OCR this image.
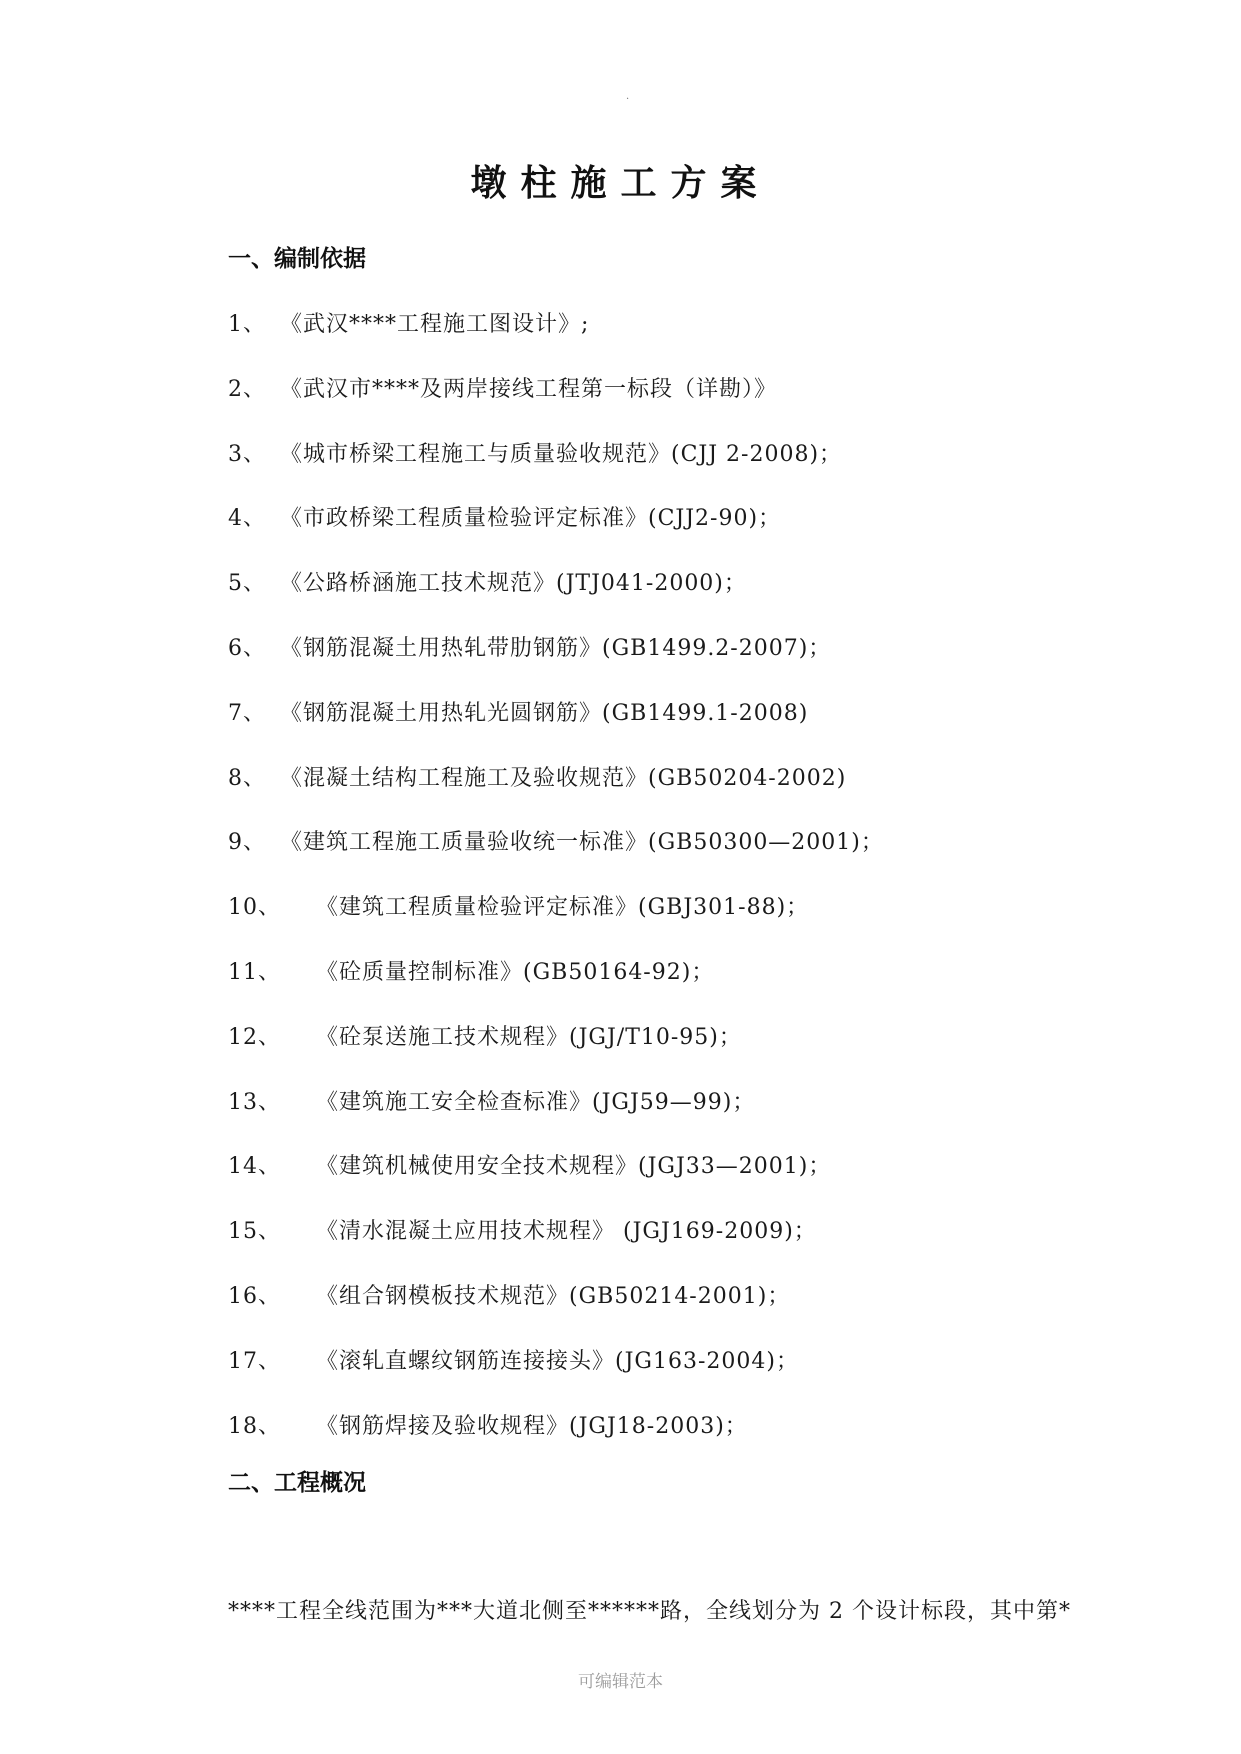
.
墩柱施工方案
一、编制依据
1、 《武汉****工程施工图设计》;
2、 《武汉市****及两岸接线工程第一标段（详勘）》
3、 《城市桥梁工程施工与质量验收规范》(CJJ 2-2008)；
4、 《市政桥梁工程质量检验评定标准》(CJJ2-90)；
5、 《公路桥涵施工技术规范》(JTJ041-2000)；
6、 《钢筋混凝土用热轧带肋钢筋》(GB1499.2-2007)；
7、 《钢筋混凝土用热轧光圆钢筋》(GB1499.1-2008)
8、 《混凝土结构工程施工及验收规范》(GB50204-2002)
9、 《建筑工程施工质量验收统一标准》(GB50300—2001)；
10、 《建筑工程质量检验评定标准》(GBJ301-88)；
11、 《砼质量控制标准》(GB50164-92)；
12、 《砼泵送施工技术规程》(JGJ/T10-95)；
13、 《建筑施工安全检查标准》(JGJ59—99)；
14、 《建筑机械使用安全技术规程》(JGJ33—2001)；
15、 《清水混凝土应用技术规程》 (JGJ169-2009)；
16、 《组合钢模板技术规范》(GB50214-2001)；
17、 《滚轧直螺纹钢筋连接接头》(JG163-2004)；
18、 《钢筋焊接及验收规程》(JGJ18-2003)；
二、工程概况
****工程全线范围为***大道北侧至******路，全线划分为 2 个设计标段，其中第*
可编辑范本
